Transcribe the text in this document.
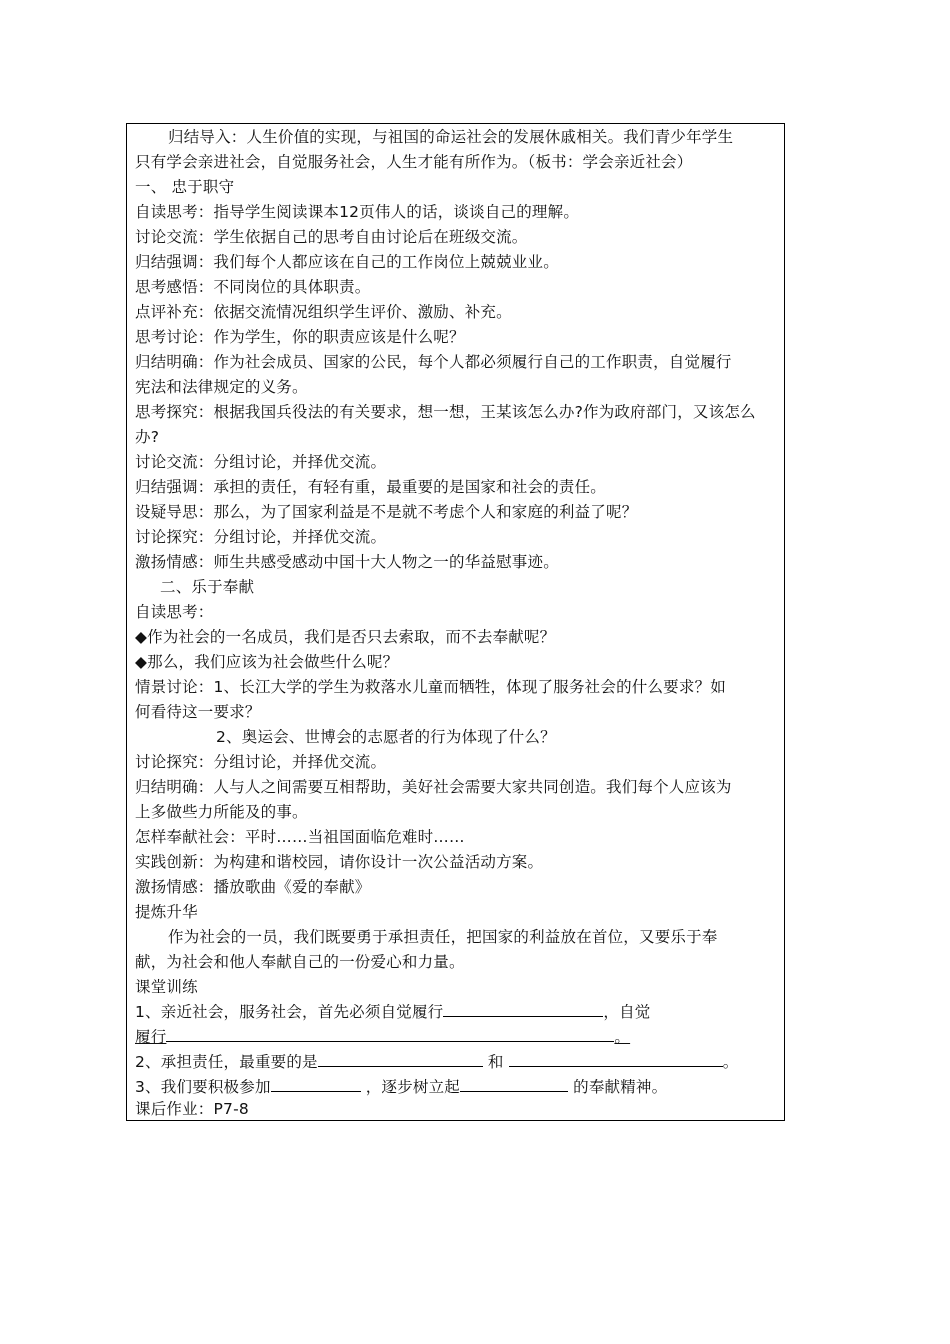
归结导入：人生价值的实现，与祖国的命运社会的发展休戚相关。我们青少年学生
只有学会亲进社会，自觉服务社会，人生才能有所作为。（板书：学会亲近社会）
一、 忠于职守
自读思考：指导学生阅读课本12页伟人的话，谈谈自己的理解。
讨论交流：学生依据自己的思考自由讨论后在班级交流。
归结强调：我们每个人都应该在自己的工作岗位上兢兢业业。
思考感悟：不同岗位的具体职责。
点评补充：依据交流情况组织学生评价、激励、补充。
思考讨论：作为学生，你的职责应该是什么呢？
归结明确：作为社会成员、国家的公民，每个人都必须履行自己的工作职责，自觉履行
宪法和法律规定的义务。
思考探究：根据我国兵役法的有关要求，想一想，王某该怎么办?作为政府部门，又该怎么
办?
讨论交流：分组讨论，并择优交流。
归结强调：承担的责任，有轻有重，最重要的是国家和社会的责任。
设疑导思：那么，为了国家利益是不是就不考虑个人和家庭的利益了呢？
讨论探究：分组讨论，并择优交流。
激扬情感：师生共感受感动中国十大人物之一的华益慰事迹。
二、乐于奉献
自读思考：
◆作为社会的一名成员，我们是否只去索取，而不去奉献呢？
◆那么，我们应该为社会做些什么呢？
情景讨论：1、长江大学的学生为救落水儿童而牺牲，体现了服务社会的什么要求？如
何看待这一要求？
2、奥运会、世博会的志愿者的行为体现了什么？
讨论探究：分组讨论，并择优交流。
归结明确：人与人之间需要互相帮助，美好社会需要大家共同创造。我们每个人应该为
上多做些力所能及的事。
怎样奉献社会：平时……当祖国面临危难时……
实践创新：为构建和谐校园，请你设计一次公益活动方案。
激扬情感：播放歌曲《爱的奉献》
提炼升华
作为社会的一员，我们既要勇于承担责任，把国家的利益放在首位，又要乐于奉
献，为社会和他人奉献自己的一份爱心和力量。
课堂训练
1、亲近社会，服务社会，首先必须自觉履行	，自觉
履行	。
2、承担责任，最重要的是	和	。
3、我们要积极参加	，逐步树立起	的奉献精神。
课后作业：P7-8
